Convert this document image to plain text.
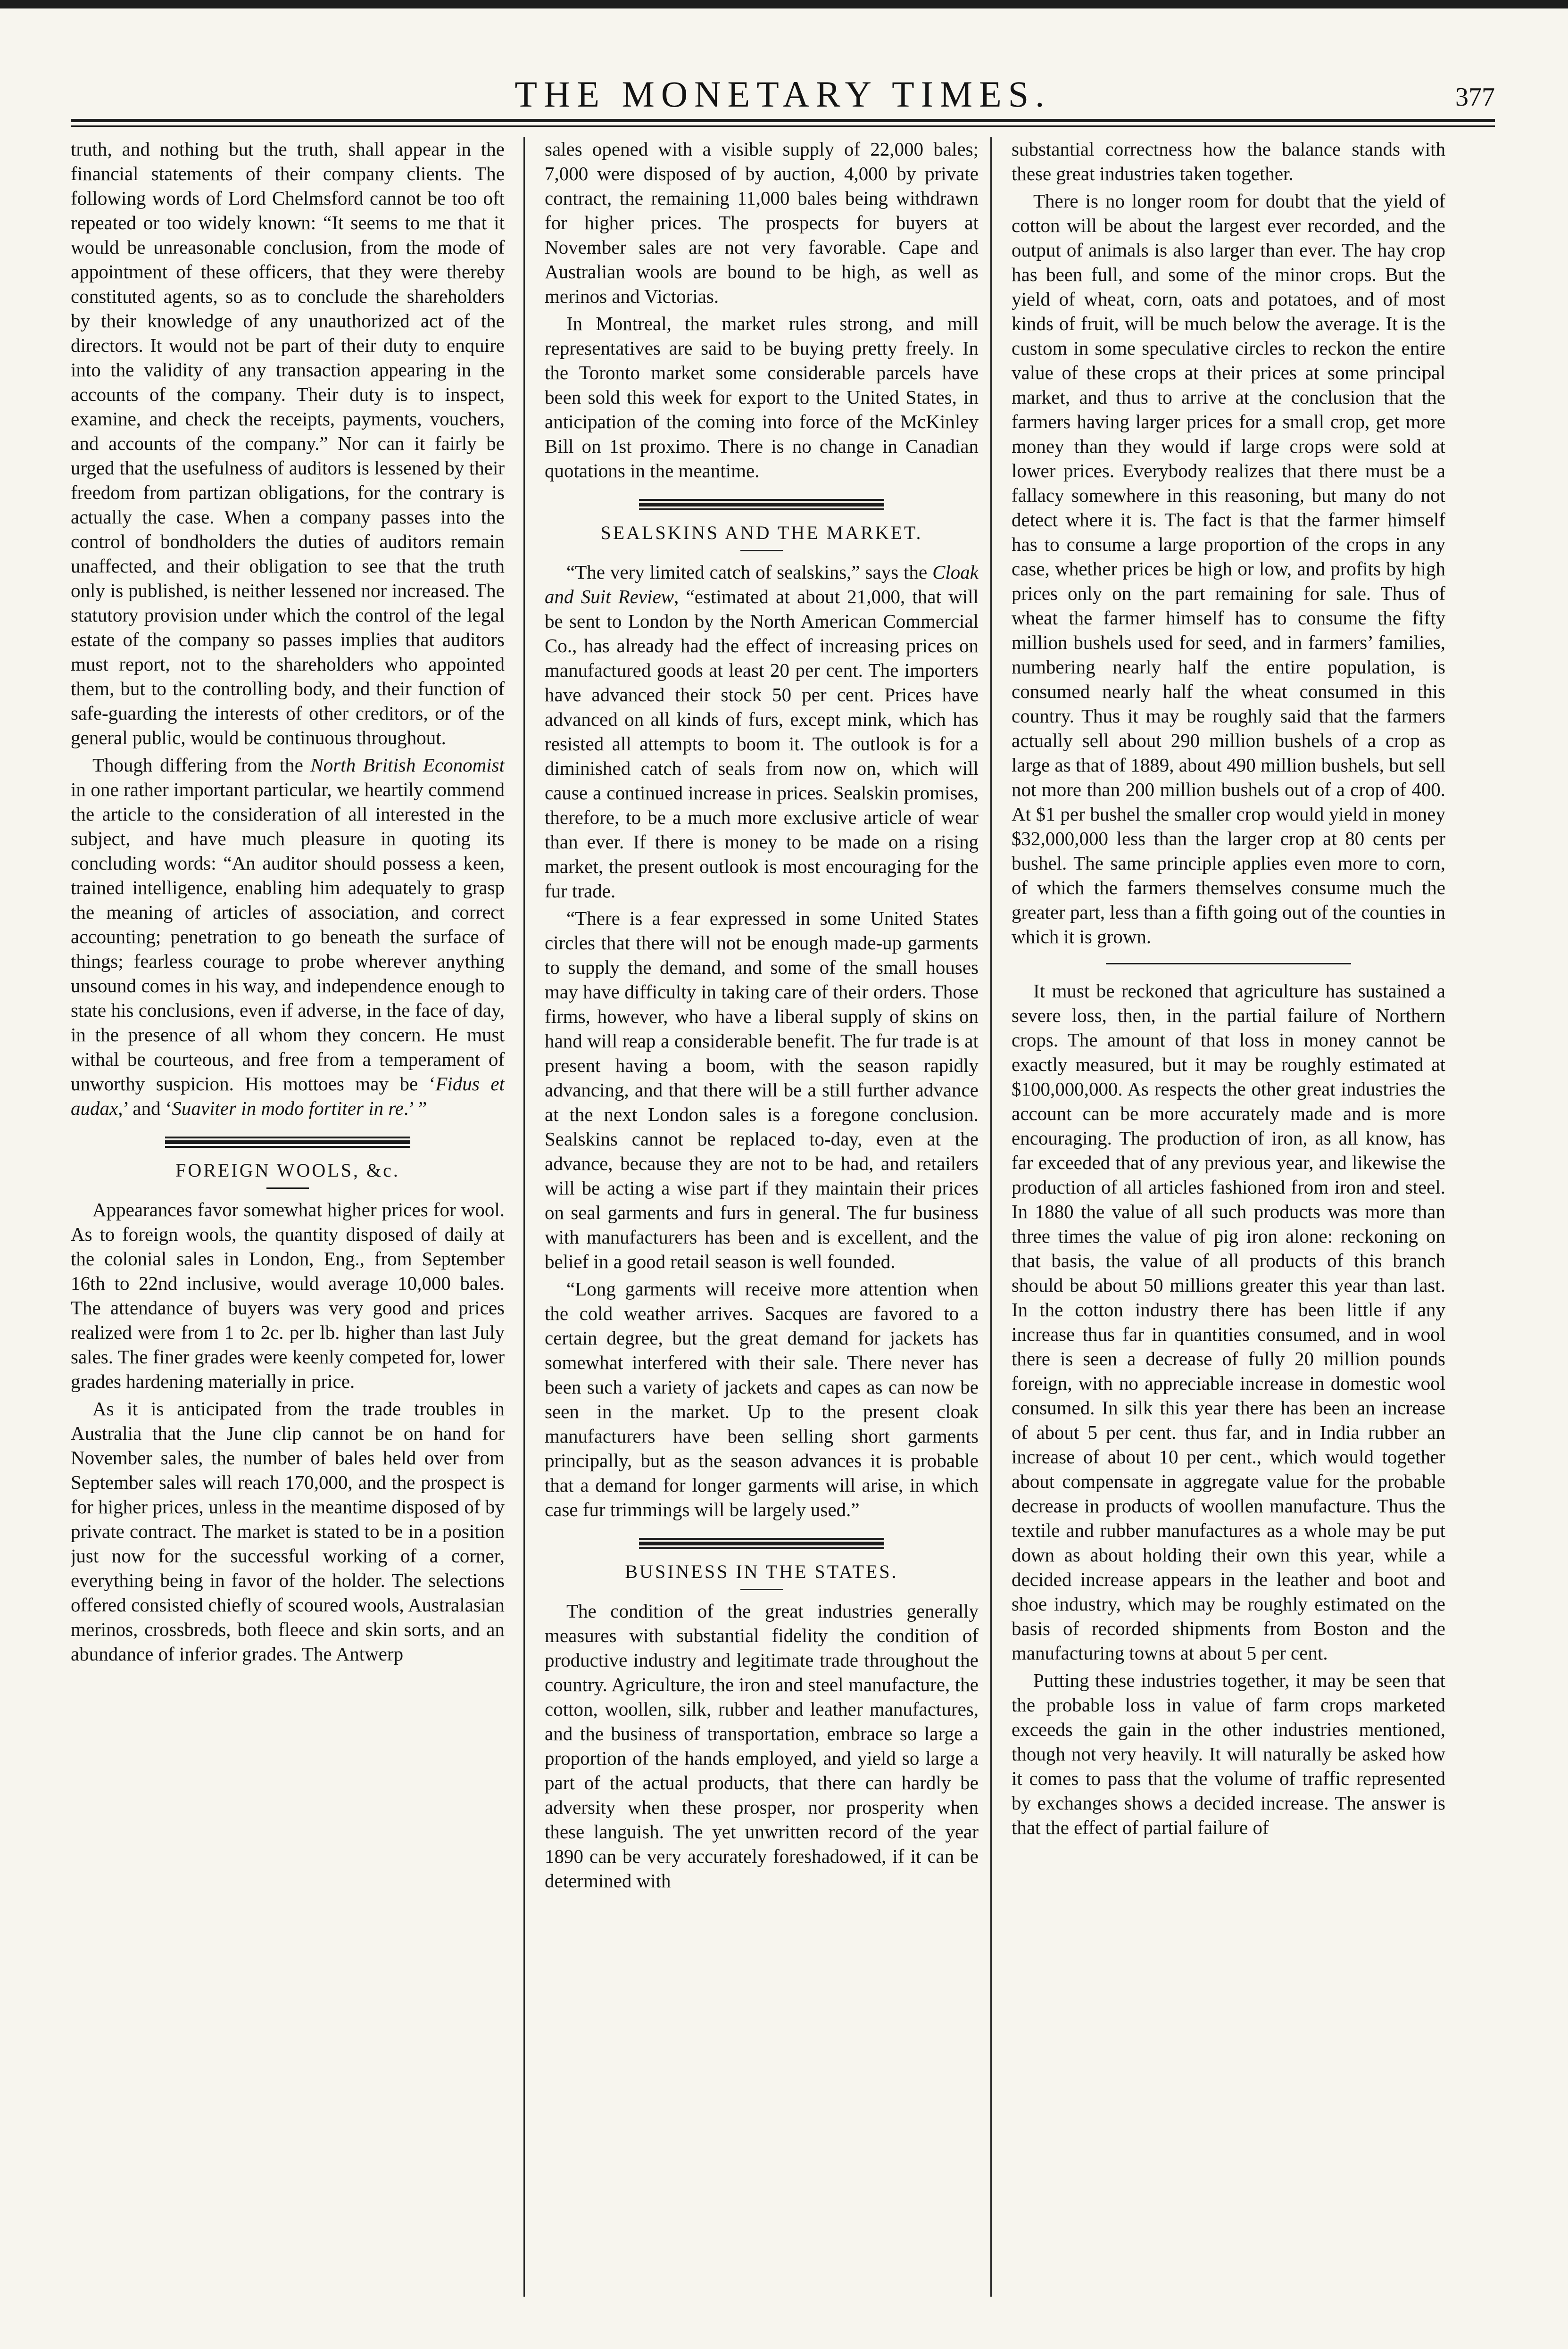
THE MONETARY TIMES.	377

truth, and nothing but the truth, shall appear in the financial statements of their company clients. The following words of Lord Chelmsford cannot be too oft repeated or too widely known: “It seems to me that it would be unreasonable conclusion, from the mode of appointment of these officers, that they were thereby constituted agents, so as to conclude the shareholders by their knowledge of any unauthorized act of the directors. It would not be part of their duty to enquire into the validity of any transaction appearing in the accounts of the company. Their duty is to inspect, examine, and check the receipts, payments, vouchers, and accounts of the company.” Nor can it fairly be urged that the usefulness of auditors is lessened by their freedom from partizan obligations, for the contrary is actually the case. When a company passes into the control of bondholders the duties of auditors remain unaffected, and their obligation to see that the truth only is published, is neither lessened nor increased. The statutory provision under which the control of the legal estate of the company so passes implies that auditors must report, not to the shareholders who appointed them, but to the controlling body, and their function of safe-guarding the interests of other creditors, or of the general public, would be continuous throughout.

Though differing from the North British Economist in one rather important particular, we heartily commend the article to the consideration of all interested in the subject, and have much pleasure in quoting its concluding words: “An auditor should possess a keen, trained intelligence, enabling him adequately to grasp the meaning of articles of association, and correct accounting; penetration to go beneath the surface of things; fearless courage to probe wherever anything unsound comes in his way, and independence enough to state his conclusions, even if adverse, in the face of day, in the presence of all whom they concern. He must withal be courteous, and free from a temperament of unworthy suspicion. His mottoes may be ‘Fidus et audax,’ and ‘Suaviter in modo fortiter in re.’ ”

FOREIGN WOOLS, &c.

Appearances favor somewhat higher prices for wool. As to foreign wools, the quantity disposed of daily at the colonial sales in London, Eng., from September 16th to 22nd inclusive, would average 10,000 bales. The attendance of buyers was very good and prices realized were from 1 to 2c. per lb. higher than last July sales. The finer grades were keenly competed for, lower grades hardening materially in price.

As it is anticipated from the trade troubles in Australia that the June clip cannot be on hand for November sales, the number of bales held over from September sales will reach 170,000, and the prospect is for higher prices, unless in the meantime disposed of by private contract. The market is stated to be in a position just now for the successful working of a corner, everything being in favor of the holder. The selections offered consisted chiefly of scoured wools, Australasian merinos, crossbreds, both fleece and skin sorts, and an abundance of inferior grades. The Antwerp

sales opened with a visible supply of 22,000 bales; 7,000 were disposed of by auction, 4,000 by private contract, the remaining 11,000 bales being withdrawn for higher prices. The prospects for buyers at November sales are not very favorable. Cape and Australian wools are bound to be high, as well as merinos and Victorias.

In Montreal, the market rules strong, and mill representatives are said to be buying pretty freely. In the Toronto market some considerable parcels have been sold this week for export to the United States, in anticipation of the coming into force of the McKinley Bill on 1st proximo. There is no change in Canadian quotations in the meantime.

SEALSKINS AND THE MARKET.

“The very limited catch of sealskins,” says the Cloak and Suit Review, “estimated at about 21,000, that will be sent to London by the North American Commercial Co., has already had the effect of increasing prices on manufactured goods at least 20 per cent. The importers have advanced their stock 50 per cent. Prices have advanced on all kinds of furs, except mink, which has resisted all attempts to boom it. The outlook is for a diminished catch of seals from now on, which will cause a continued increase in prices. Sealskin promises, therefore, to be a much more exclusive article of wear than ever. If there is money to be made on a rising market, the present outlook is most encouraging for the fur trade.

“There is a fear expressed in some United States circles that there will not be enough made-up garments to supply the demand, and some of the small houses may have difficulty in taking care of their orders. Those firms, however, who have a liberal supply of skins on hand will reap a considerable benefit. The fur trade is at present having a boom, with the season rapidly advancing, and that there will be a still further advance at the next London sales is a foregone conclusion. Sealskins cannot be replaced to-day, even at the advance, because they are not to be had, and retailers will be acting a wise part if they maintain their prices on seal garments and furs in general. The fur business with manufacturers has been and is excellent, and the belief in a good retail season is well founded.

“Long garments will receive more attention when the cold weather arrives. Sacques are favored to a certain degree, but the great demand for jackets has somewhat interfered with their sale. There never has been such a variety of jackets and capes as can now be seen in the market. Up to the present cloak manufacturers have been selling short garments principally, but as the season advances it is probable that a demand for longer garments will arise, in which case fur trimmings will be largely used.”

BUSINESS IN THE STATES.

The condition of the great industries generally measures with substantial fidelity the condition of productive industry and legitimate trade throughout the country. Agriculture, the iron and steel manufacture, the cotton, woollen, silk, rubber and leather manufactures, and the business of transportation, embrace so large a proportion of the hands employed, and yield so large a part of the actual products, that there can hardly be adversity when these prosper, nor prosperity when these languish. The yet unwritten record of the year 1890 can be very accurately foreshadowed, if it can be determined with

substantial correctness how the balance stands with these great industries taken together.

There is no longer room for doubt that the yield of cotton will be about the largest ever recorded, and the output of animals is also larger than ever. The hay crop has been full, and some of the minor crops. But the yield of wheat, corn, oats and potatoes, and of most kinds of fruit, will be much below the average. It is the custom in some speculative circles to reckon the entire value of these crops at their prices at some principal market, and thus to arrive at the conclusion that the farmers having larger prices for a small crop, get more money than they would if large crops were sold at lower prices. Everybody realizes that there must be a fallacy somewhere in this reasoning, but many do not detect where it is. The fact is that the farmer himself has to consume a large proportion of the crops in any case, whether prices be high or low, and profits by high prices only on the part remaining for sale. Thus of wheat the farmer himself has to consume the fifty million bushels used for seed, and in farmers’ families, numbering nearly half the entire population, is consumed nearly half the wheat consumed in this country. Thus it may be roughly said that the farmers actually sell about 290 million bushels of a crop as large as that of 1889, about 490 million bushels, but sell not more than 200 million bushels out of a crop of 400. At $1 per bushel the smaller crop would yield in money $32,000,000 less than the larger crop at 80 cents per bushel. The same principle applies even more to corn, of which the farmers themselves consume much the greater part, less than a fifth going out of the counties in which it is grown.

It must be reckoned that agriculture has sustained a severe loss, then, in the partial failure of Northern crops. The amount of that loss in money cannot be exactly measured, but it may be roughly estimated at $100,000,000. As respects the other great industries the account can be more accurately made and is more encouraging. The production of iron, as all know, has far exceeded that of any previous year, and likewise the production of all articles fashioned from iron and steel. In 1880 the value of all such products was more than three times the value of pig iron alone: reckoning on that basis, the value of all products of this branch should be about 50 millions greater this year than last. In the cotton industry there has been little if any increase thus far in quantities consumed, and in wool there is seen a decrease of fully 20 million pounds foreign, with no appreciable increase in domestic wool consumed. In silk this year there has been an increase of about 5 per cent. thus far, and in India rubber an increase of about 10 per cent., which would together about compensate in aggregate value for the probable decrease in products of woollen manufacture. Thus the textile and rubber manufactures as a whole may be put down as about holding their own this year, while a decided increase appears in the leather and boot and shoe industry, which may be roughly estimated on the basis of recorded shipments from Boston and the manufacturing towns at about 5 per cent.

Putting these industries together, it may be seen that the probable loss in value of farm crops marketed exceeds the gain in the other industries mentioned, though not very heavily. It will naturally be asked how it comes to pass that the volume of traffic represented by exchanges shows a decided increase. The answer is that the effect of partial failure of
